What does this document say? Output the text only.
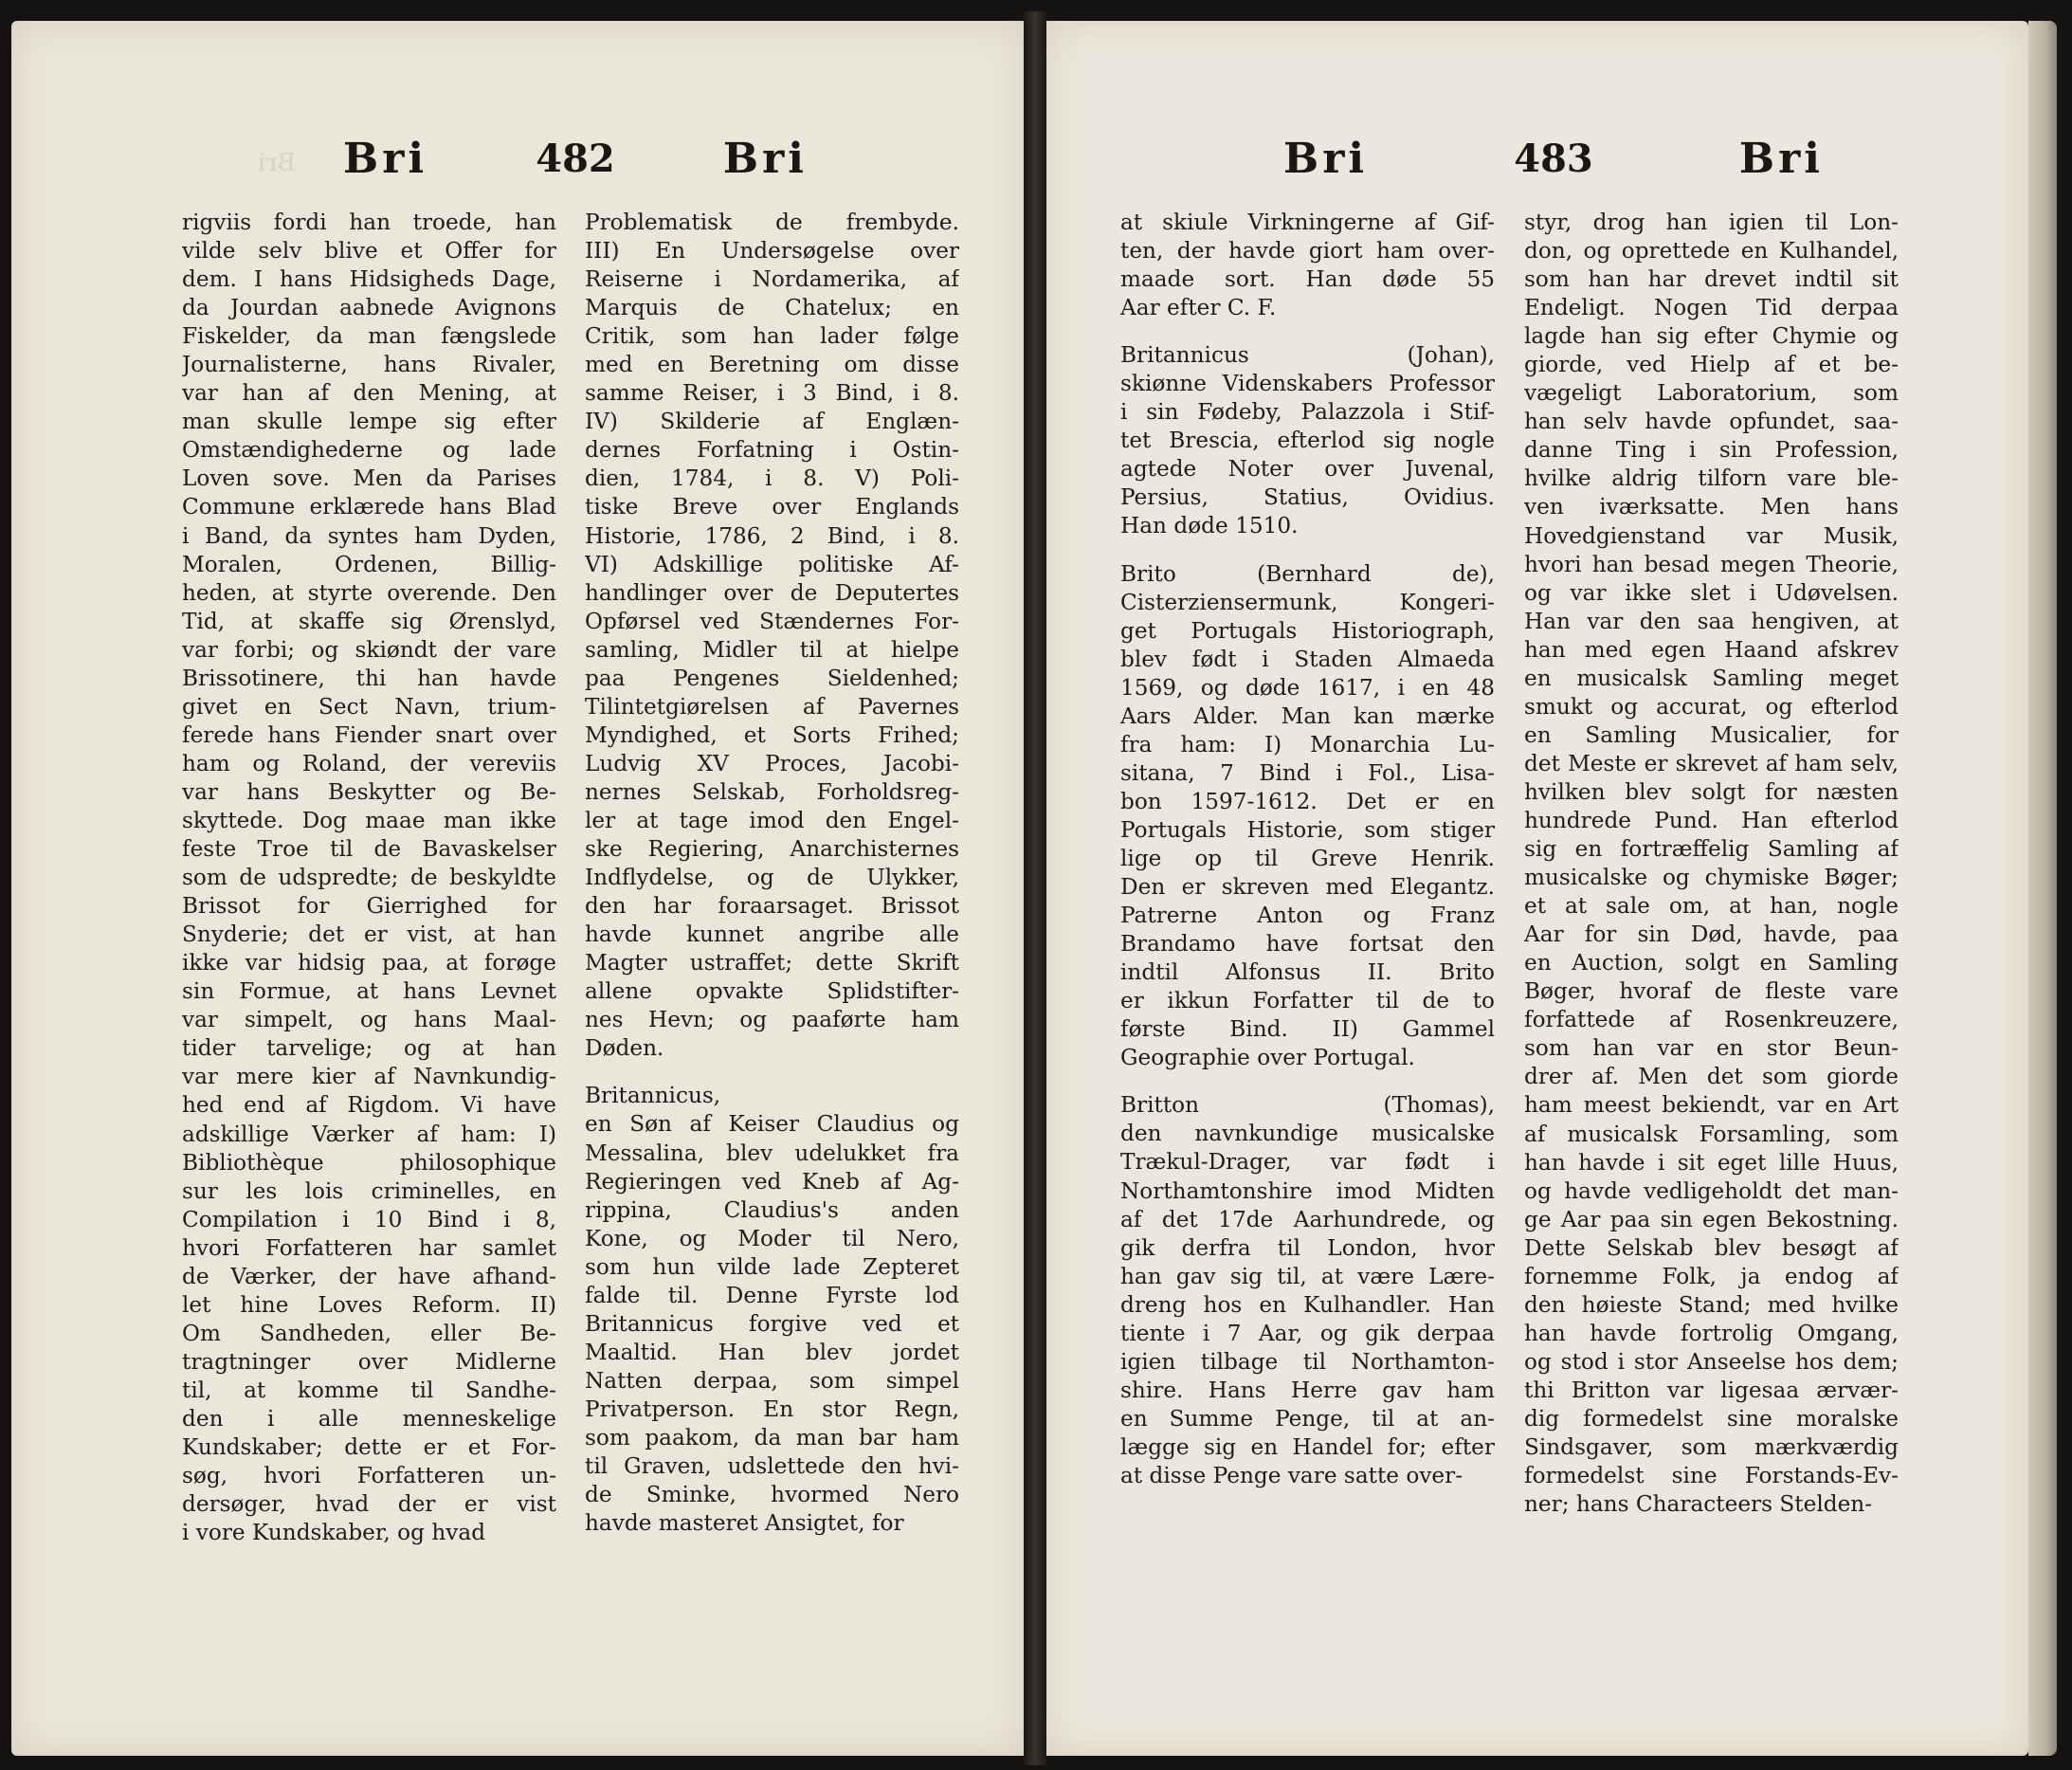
Bri Bri	482	Bri
rigviis fordi han troede, han
vilde selv blive et Offer for
dem. I hans Hidsigheds Dage,
da Jourdan aabnede Avignons
Fiskelder, da man fængslede
Journalisterne, hans Rivaler,
var han af den Mening, at
man skulle lempe sig efter
Omstændighederne og lade
Loven sove. Men da Parises
Commune erklærede hans Blad
i Band, da syntes ham Dyden,
Moralen, Ordenen, Billig-
heden, at styrte overende. Den
Tid, at skaffe sig Ørenslyd,
var forbi; og skiøndt der vare
Brissotinere, thi han havde
givet en Sect Navn, trium-
ferede hans Fiender snart over
ham og Roland, der vereviis
var hans Beskytter og Be-
skyttede. Dog maae man ikke
feste Troe til de Bavaskelser
som de udspredte; de beskyldte
Brissot for Gierrighed for
Snyderie; det er vist, at han
ikke var hidsig paa, at forøge
sin Formue, at hans Levnet
var simpelt, og hans Maal-
tider tarvelige; og at han
var mere kier af Navnkundig-
hed end af Rigdom. Vi have
adskillige Værker af ham: I)
Bibliothèque philosophique
sur les lois criminelles, en
Compilation i 10 Bind i 8,
hvori Forfatteren har samlet
de Værker, der have afhand-
let hine Loves Reform. II)
Om Sandheden, eller Be-
tragtninger over Midlerne
til, at komme til Sandhe-
den i alle menneskelige
Kundskaber; dette er et For-
søg, hvori Forfatteren un-
dersøger, hvad der er vist
i vore Kundskaber, og hvad
Problematisk de frembyde.
III) En Undersøgelse over
Reiserne i Nordamerika, af
Marquis de Chatelux; en
Critik, som han lader følge
med en Beretning om disse
samme Reiser, i 3 Bind, i 8.
IV) Skilderie af Englæn-
dernes Forfatning i Ostin-
dien, 1784, i 8. V) Poli-
tiske Breve over Englands
Historie, 1786, 2 Bind, i 8.
VI) Adskillige politiske Af-
handlinger over de Deputertes
Opførsel ved Stændernes For-
samling, Midler til at hielpe
paa Pengenes Sieldenhed;
Tilintetgiørelsen af Pavernes
Myndighed, et Sorts Frihed;
Ludvig XV Proces, Jacobi-
nernes Selskab, Forholdsreg-
ler at tage imod den Engel-
ske Regiering, Anarchisternes
Indflydelse, og de Ulykker,
den har foraarsaget. Brissot
havde kunnet angribe alle
Magter ustraffet; dette Skrift
allene opvakte Splidstifter-
nes Hevn; og paaførte ham
Døden.
Britannicus,
en Søn af Keiser Claudius og
Messalina, blev udelukket fra
Regieringen ved Kneb af Ag-
rippina, Claudius's anden
Kone, og Moder til Nero,
som hun vilde lade Zepteret
falde til. Denne Fyrste lod
Britannicus forgive ved et
Maaltid. Han blev jordet
Natten derpaa, som simpel
Privatperson. En stor Regn,
som paakom, da man bar ham
til Graven, udslettede den hvi-
de Sminke, hvormed Nero
havde masteret Ansigtet, for
Bri	483	Bri
at skiule Virkningerne af Gif-
ten, der havde giort ham over-
maade sort. Han døde 55
Aar efter C. F.
Britannicus (Johan),
skiønne Videnskabers Professor
i sin Fødeby, Palazzola i Stif-
tet Brescia, efterlod sig nogle
agtede Noter over Juvenal,
Persius, Statius, Ovidius.
Han døde 1510.
Brito (Bernhard de),
Cisterziensermunk, Kongeri-
get Portugals Historiograph,
blev født i Staden Almaeda
1569, og døde 1617, i en 48
Aars Alder. Man kan mærke
fra ham: I) Monarchia Lu-
sitana, 7 Bind i Fol., Lisa-
bon 1597-1612. Det er en
Portugals Historie, som stiger
lige op til Greve Henrik.
Den er skreven med Elegantz.
Patrerne Anton og Franz
Brandamo have fortsat den
indtil Alfonsus II. Brito
er ikkun Forfatter til de to
første Bind. II) Gammel
Geographie over Portugal.
Britton (Thomas),
den navnkundige musicalske
Trækul-Drager, var født i
Northamtonshire imod Midten
af det 17de Aarhundrede, og
gik derfra til London, hvor
han gav sig til, at være Lære-
dreng hos en Kulhandler. Han
tiente i 7 Aar, og gik derpaa
igien tilbage til Northamton-
shire. Hans Herre gav ham
en Summe Penge, til at an-
lægge sig en Handel for; efter
at disse Penge vare satte over-
styr, drog han igien til Lon-
don, og oprettede en Kulhandel,
som han har drevet indtil sit
Endeligt. Nogen Tid derpaa
lagde han sig efter Chymie og
giorde, ved Hielp af et be-
vægeligt Laboratorium, som
han selv havde opfundet, saa-
danne Ting i sin Profession,
hvilke aldrig tilforn vare ble-
ven iværksatte. Men hans
Hovedgienstand var Musik,
hvori han besad megen Theorie,
og var ikke slet i Udøvelsen.
Han var den saa hengiven, at
han med egen Haand afskrev
en musicalsk Samling meget
smukt og accurat, og efterlod
en Samling Musicalier, for
det Meste er skrevet af ham selv,
hvilken blev solgt for næsten
hundrede Pund. Han efterlod
sig en fortræffelig Samling af
musicalske og chymiske Bøger;
et at sale om, at han, nogle
Aar for sin Død, havde, paa
en Auction, solgt en Samling
Bøger, hvoraf de fleste vare
forfattede af Rosenkreuzere,
som han var en stor Beun-
drer af. Men det som giorde
ham meest bekiendt, var en Art
af musicalsk Forsamling, som
han havde i sit eget lille Huus,
og havde vedligeholdt det man-
ge Aar paa sin egen Bekostning.
Dette Selskab blev besøgt af
fornemme Folk, ja endog af
den høieste Stand; med hvilke
han havde fortrolig Omgang,
og stod i stor Anseelse hos dem;
thi Britton var ligesaa ærvær-
dig formedelst sine moralske
Sindsgaver, som mærkværdig
formedelst sine Forstands-Ev-
ner; hans Characteers Stelden-
